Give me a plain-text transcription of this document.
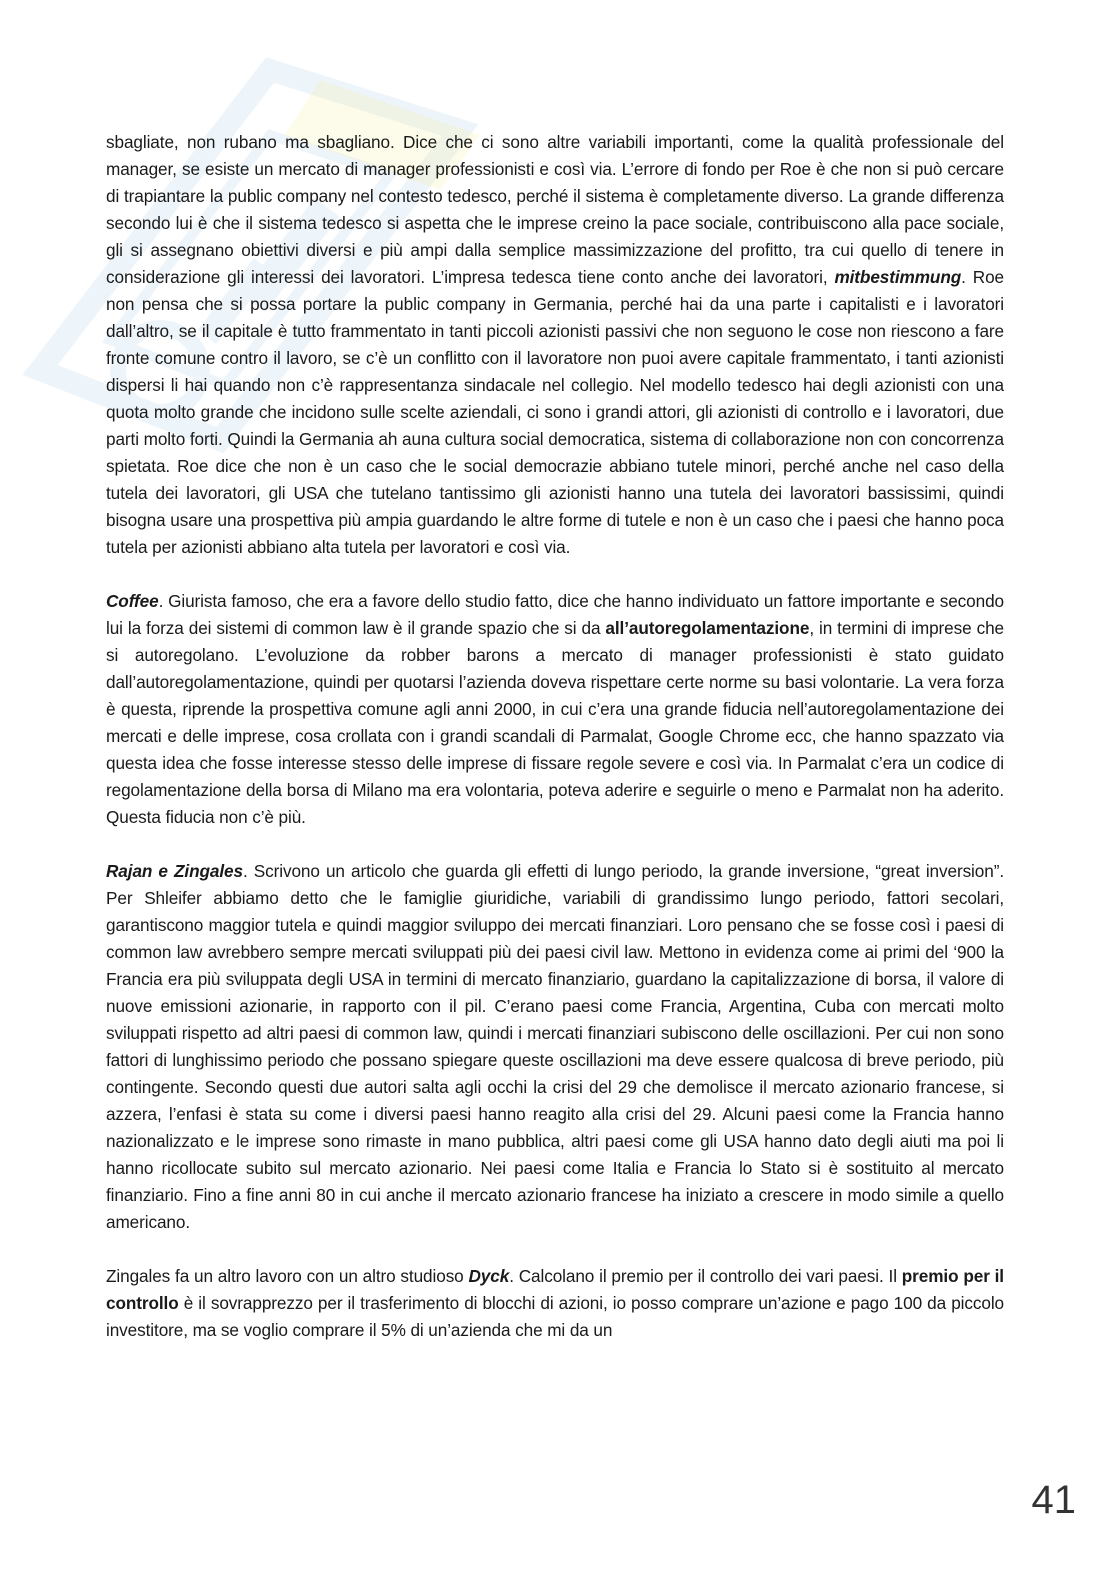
sbagliate, non rubano ma sbagliano. Dice che ci sono altre variabili importanti, come la qualità professionale del manager, se esiste un mercato di manager professionisti e così via. L’errore di fondo per Roe è che non si può cercare di trapiantare la public company nel contesto tedesco, perché il sistema è completamente diverso. La grande differenza secondo lui è che il sistema tedesco si aspetta che le imprese creino la pace sociale, contribuiscono alla pace sociale, gli si assegnano obiettivi diversi e più ampi dalla semplice massimizzazione del profitto, tra cui quello di tenere in considerazione gli interessi dei lavoratori. L’impresa tedesca tiene conto anche dei lavoratori, mitbestimmung. Roe non pensa che si possa portare la public company in Germania, perché hai da una parte i capitalisti e i lavoratori dall’altro, se il capitale è tutto frammentato in tanti piccoli azionisti passivi che non seguono le cose non riescono a fare fronte comune contro il lavoro, se c’è un conflitto con il lavoratore non puoi avere capitale frammentato, i tanti azionisti dispersi li hai quando non c’è rappresentanza sindacale nel collegio. Nel modello tedesco hai degli azionisti con una quota molto grande che incidono sulle scelte aziendali, ci sono i grandi attori, gli azionisti di controllo e i lavoratori, due parti molto forti. Quindi la Germania ah auna cultura social democratica, sistema di collaborazione non con concorrenza spietata. Roe dice che non è un caso che le social democrazie abbiano tutele minori, perché anche nel caso della tutela dei lavoratori, gli USA che tutelano tantissimo gli azionisti hanno una tutela dei lavoratori bassissimi, quindi bisogna usare una prospettiva più ampia guardando le altre forme di tutele e non è un caso che i paesi che hanno poca tutela per azionisti abbiano alta tutela per lavoratori e così via.

Coffee. Giurista famoso, che era a favore dello studio fatto, dice che hanno individuato un fattore importante e secondo lui la forza dei sistemi di common law è il grande spazio che si da all’autoregolamentazione, in termini di imprese che si autoregolano. L’evoluzione da robber barons a mercato di manager professionisti è stato guidato dall’autoregolamentazione, quindi per quotarsi l’azienda doveva rispettare certe norme su basi volontarie. La vera forza è questa, riprende la prospettiva comune agli anni 2000, in cui c’era una grande fiducia nell’autoregolamentazione dei mercati e delle imprese, cosa crollata con i grandi scandali di Parmalat, Google Chrome ecc, che hanno spazzato via questa idea che fosse interesse stesso delle imprese di fissare regole severe e così via. In Parmalat c’era un codice di regolamentazione della borsa di Milano ma era volontaria, poteva aderire e seguirle o meno e Parmalat non ha aderito. Questa fiducia non c’è più.

Rajan e Zingales. Scrivono un articolo che guarda gli effetti di lungo periodo, la grande inversione, “great inversion”. Per Shleifer abbiamo detto che le famiglie giuridiche, variabili di grandissimo lungo periodo, fattori secolari, garantiscono maggior tutela e quindi maggior sviluppo dei mercati finanziari. Loro pensano che se fosse così i paesi di common law avrebbero sempre mercati sviluppati più dei paesi civil law. Mettono in evidenza come ai primi del ‘900 la Francia era più sviluppata degli USA in termini di mercato finanziario, guardano la capitalizzazione di borsa, il valore di nuove emissioni azionarie, in rapporto con il pil. C’erano paesi come Francia, Argentina, Cuba con mercati molto sviluppati rispetto ad altri paesi di common law, quindi i mercati finanziari subiscono delle oscillazioni. Per cui non sono fattori di lunghissimo periodo che possano spiegare queste oscillazioni ma deve essere qualcosa di breve periodo, più contingente. Secondo questi due autori salta agli occhi la crisi del 29 che demolisce il mercato azionario francese, si azzera, l’enfasi è stata su come i diversi paesi hanno reagito alla crisi del 29. Alcuni paesi come la Francia hanno nazionalizzato e le imprese sono rimaste in mano pubblica, altri paesi come gli USA hanno dato degli aiuti ma poi li hanno ricollocate subito sul mercato azionario. Nei paesi come Italia e Francia lo Stato si è sostituito al mercato finanziario. Fino a fine anni 80 in cui anche il mercato azionario francese ha iniziato a crescere in modo simile a quello americano.

Zingales fa un altro lavoro con un altro studioso Dyck. Calcolano il premio per il controllo dei vari paesi. Il premio per il controllo è il sovrapprezzo per il trasferimento di blocchi di azioni, io posso comprare un’azione e pago 100 da piccolo investitore, ma se voglio comprare il 5% di un’azienda che mi da un

41
